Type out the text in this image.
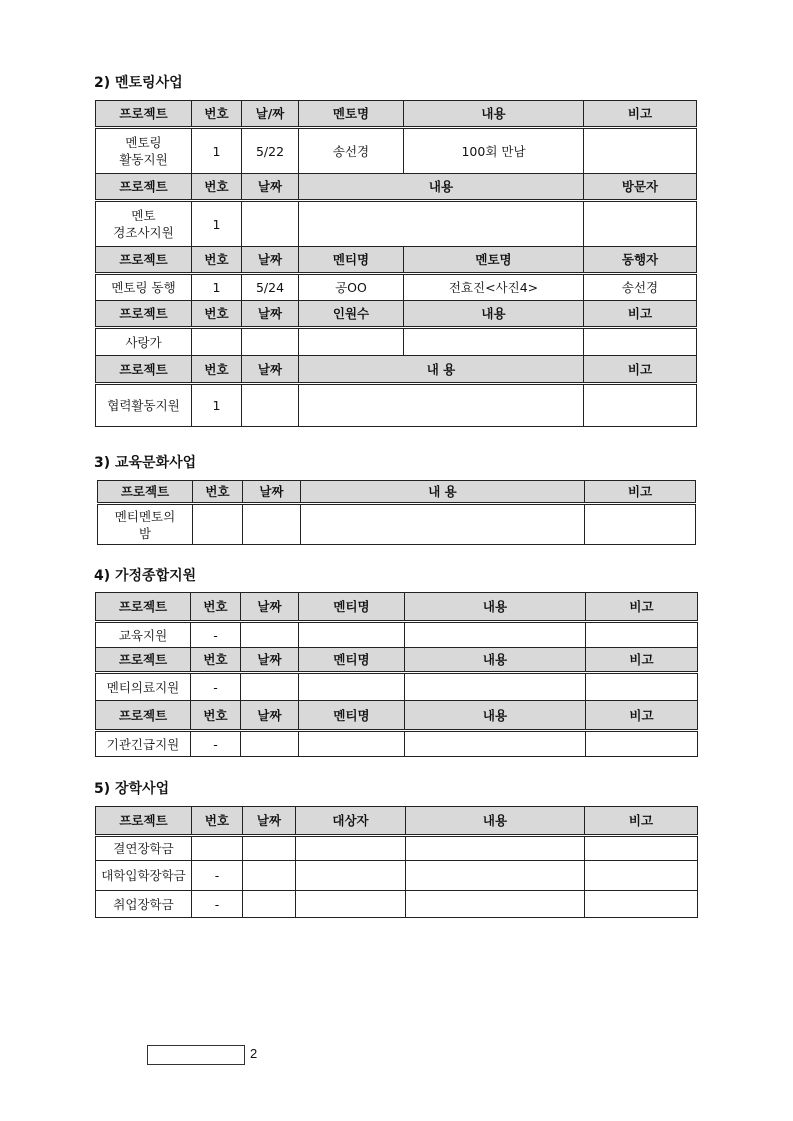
2) 멘토링사업
프로젝트	번호	날/짜	멘토명	내용	비고
멘토링
활동지원	1	5/22	송선경	100회 만남	
프로젝트	번호	날짜	내용		방문자
멘토
경조사지원	1				
프로젝트	번호	날짜	멘티명	멘토명	동행자
멘토링 동행	1	5/24	공OO	전효진<사진4>	송선경
프로젝트	번호	날짜	인원수	내용	비고
사랑가					
프로젝트	번호	날짜	내 용		비고
협력활동지원	1				
3) 교육문화사업
프로젝트	번호	날짜	내 용	비고
멘티멘토의
밤				
4) 가정종합지원
프로젝트	번호	날짜	멘티명	내용	비고
교육지원	-				
프로젝트	번호	날짜	멘티명	내용	비고
멘티의료지원	-				
프로젝트	번호	날짜	멘티명	내용	비고
기관긴급지원	-				
5) 장학사업
프로젝트	번호	날짜	대상자	내용	비고
결연장학금					
대학입학장학금	-				
취업장학금	-				
2
